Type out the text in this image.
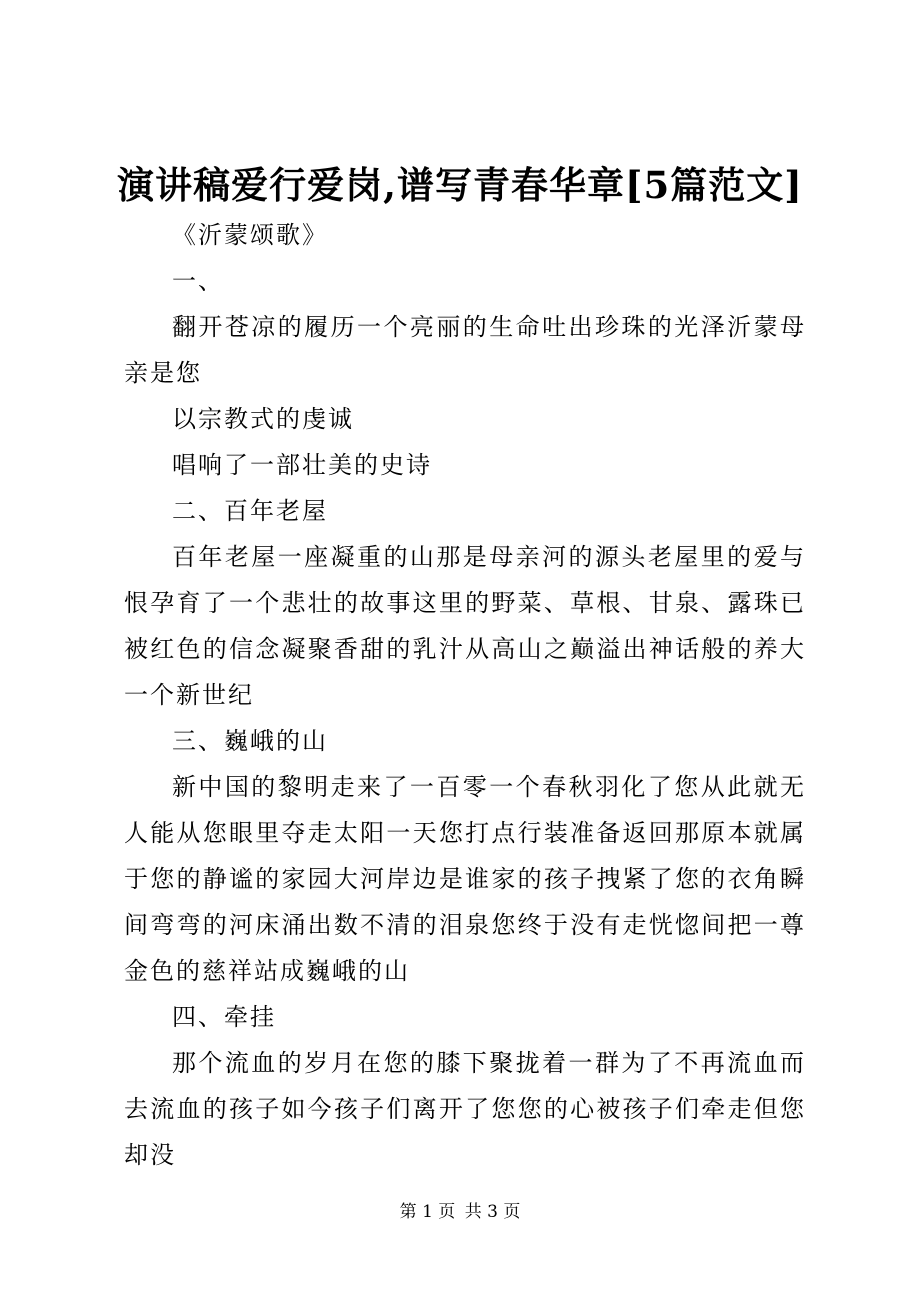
演讲稿爱行爱岗,谱写青春华章[5篇范文]

《沂蒙颂歌》

一、

翻开苍凉的履历一个亮丽的生命吐出珍珠的光泽沂蒙母亲是您

以宗教式的虔诚

唱响了一部壮美的史诗

二、百年老屋

百年老屋一座凝重的山那是母亲河的源头老屋里的爱与恨孕育了一个悲壮的故事这里的野菜、草根、甘泉、露珠已被红色的信念凝聚香甜的乳汁从高山之巅溢出神话般的养大一个新世纪

三、巍峨的山

新中国的黎明走来了一百零一个春秋羽化了您从此就无人能从您眼里夺走太阳一天您打点行装准备返回那原本就属于您的静谧的家园大河岸边是谁家的孩子拽紧了您的衣角瞬间弯弯的河床涌出数不清的泪泉您终于没有走恍惚间把一尊金色的慈祥站成巍峨的山

四、牵挂

那个流血的岁月在您的膝下聚拢着一群为了不再流血而去流血的孩子如今孩子们离开了您您的心被孩子们牵走但您却没

第 1 页 共 3 页
